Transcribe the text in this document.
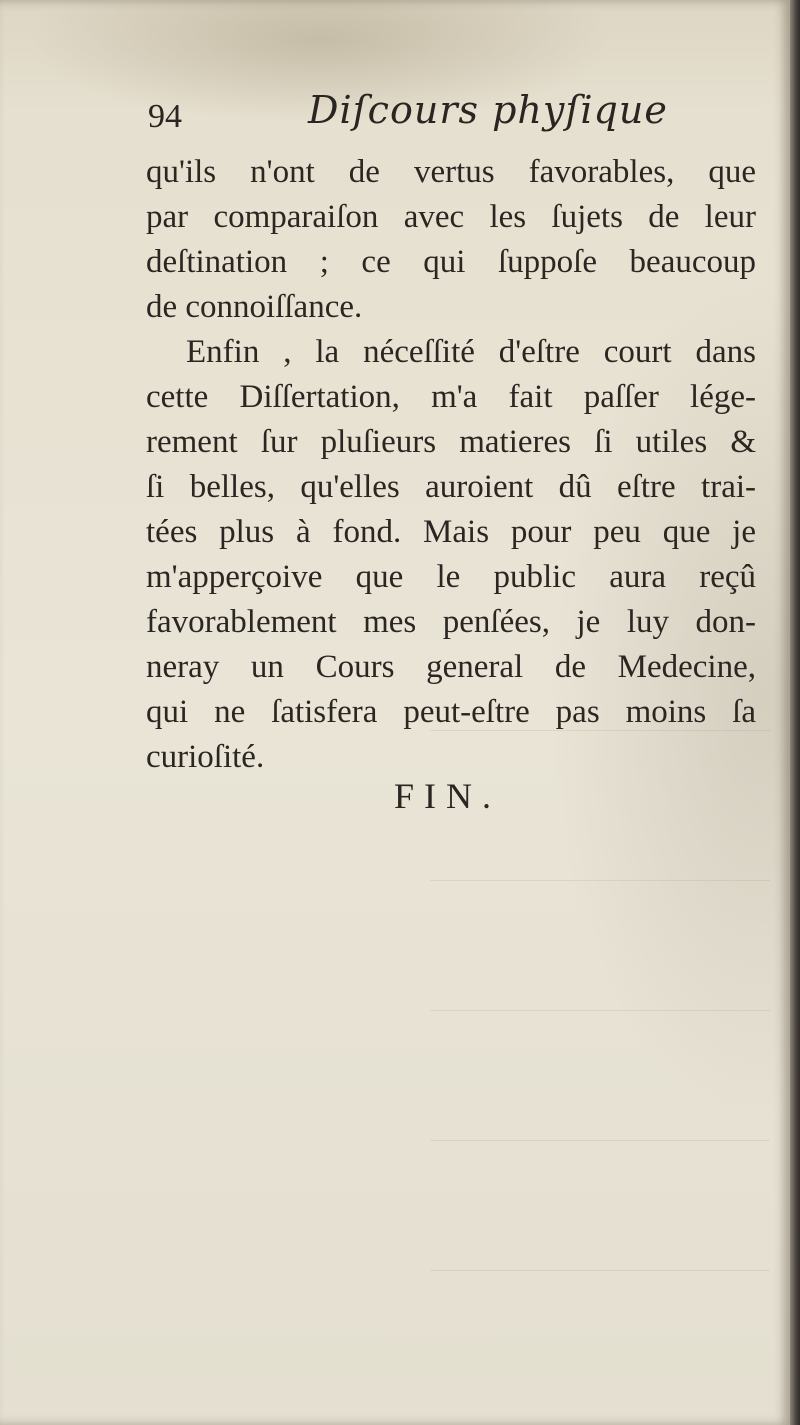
94	Diſcours phyſique
qu'ils n'ont de vertus favorables, que
par comparaiſon avec les ſujets de leur
deſtination ; ce qui ſuppoſe beaucoup
de connoiſſance.
Enfin , la néceſſité d'eſtre court dans
cette Diſſertation, m'a fait paſſer lége-
rement ſur pluſieurs matieres ſi utiles &
ſi belles, qu'elles auroient dû eſtre trai-
tées plus à fond. Mais pour peu que je
m'apperçoive que le public aura reçû
favorablement mes penſées, je luy don-
neray un Cours general de Medecine,
qui ne ſatisfera peut-eſtre pas moins ſa
curioſité.
FIN.
